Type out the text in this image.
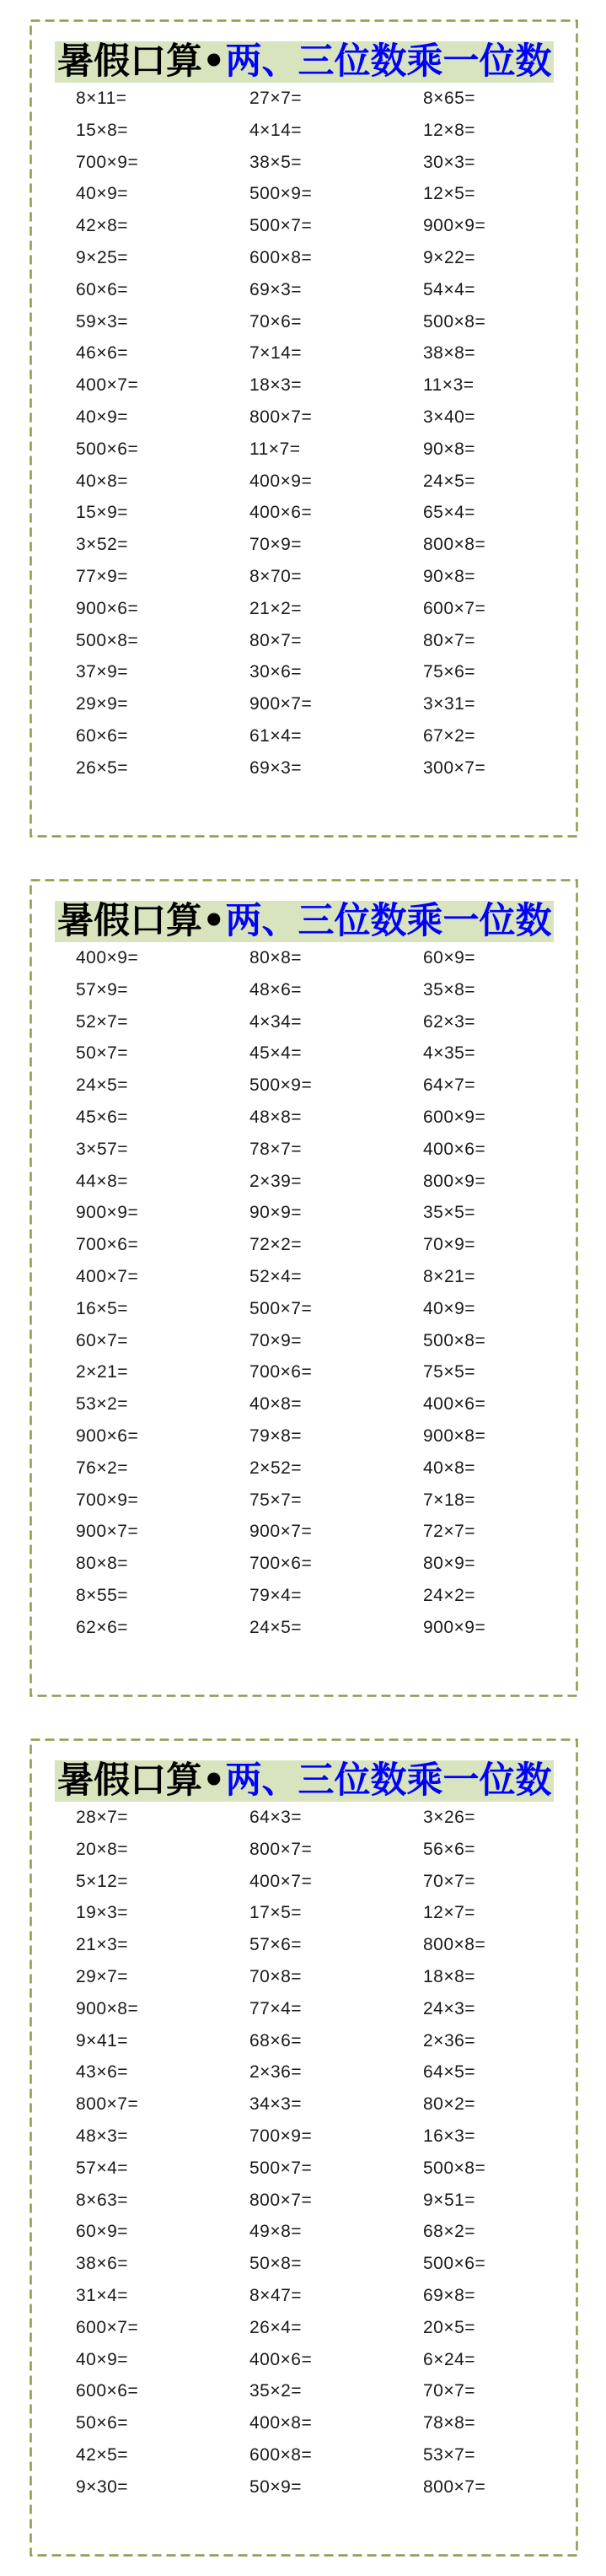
暑假口算•两、三位数乘一位数
8×11=	27×7=	8×65=
15×8=	4×14=	12×8=
700×9=	38×5=	30×3=
40×9=	500×9=	12×5=
42×8=	500×7=	900×9=
9×25=	600×8=	9×22=
60×6=	69×3=	54×4=
59×3=	70×6=	500×8=
46×6=	7×14=	38×8=
400×7=	18×3=	11×3=
40×9=	800×7=	3×40=
500×6=	11×7=	90×8=
40×8=	400×9=	24×5=
15×9=	400×6=	65×4=
3×52=	70×9=	800×8=
77×9=	8×70=	90×8=
900×6=	21×2=	600×7=
500×8=	80×7=	80×7=
37×9=	30×6=	75×6=
29×9=	900×7=	3×31=
60×6=	61×4=	67×2=
26×5=	69×3=	300×7=
暑假口算•两、三位数乘一位数
400×9=	80×8=	60×9=
57×9=	48×6=	35×8=
52×7=	4×34=	62×3=
50×7=	45×4=	4×35=
24×5=	500×9=	64×7=
45×6=	48×8=	600×9=
3×57=	78×7=	400×6=
44×8=	2×39=	800×9=
900×9=	90×9=	35×5=
700×6=	72×2=	70×9=
400×7=	52×4=	8×21=
16×5=	500×7=	40×9=
60×7=	70×9=	500×8=
2×21=	700×6=	75×5=
53×2=	40×8=	400×6=
900×6=	79×8=	900×8=
76×2=	2×52=	40×8=
700×9=	75×7=	7×18=
900×7=	900×7=	72×7=
80×8=	700×6=	80×9=
8×55=	79×4=	24×2=
62×6=	24×5=	900×9=
暑假口算•两、三位数乘一位数
28×7=	64×3=	3×26=
20×8=	800×7=	56×6=
5×12=	400×7=	70×7=
19×3=	17×5=	12×7=
21×3=	57×6=	800×8=
29×7=	70×8=	18×8=
900×8=	77×4=	24×3=
9×41=	68×6=	2×36=
43×6=	2×36=	64×5=
800×7=	34×3=	80×2=
48×3=	700×9=	16×3=
57×4=	500×7=	500×8=
8×63=	800×7=	9×51=
60×9=	49×8=	68×2=
38×6=	50×8=	500×6=
31×4=	8×47=	69×8=
600×7=	26×4=	20×5=
40×9=	400×6=	6×24=
600×6=	35×2=	70×7=
50×6=	400×8=	78×8=
42×5=	600×8=	53×7=
9×30=	50×9=	800×7=
